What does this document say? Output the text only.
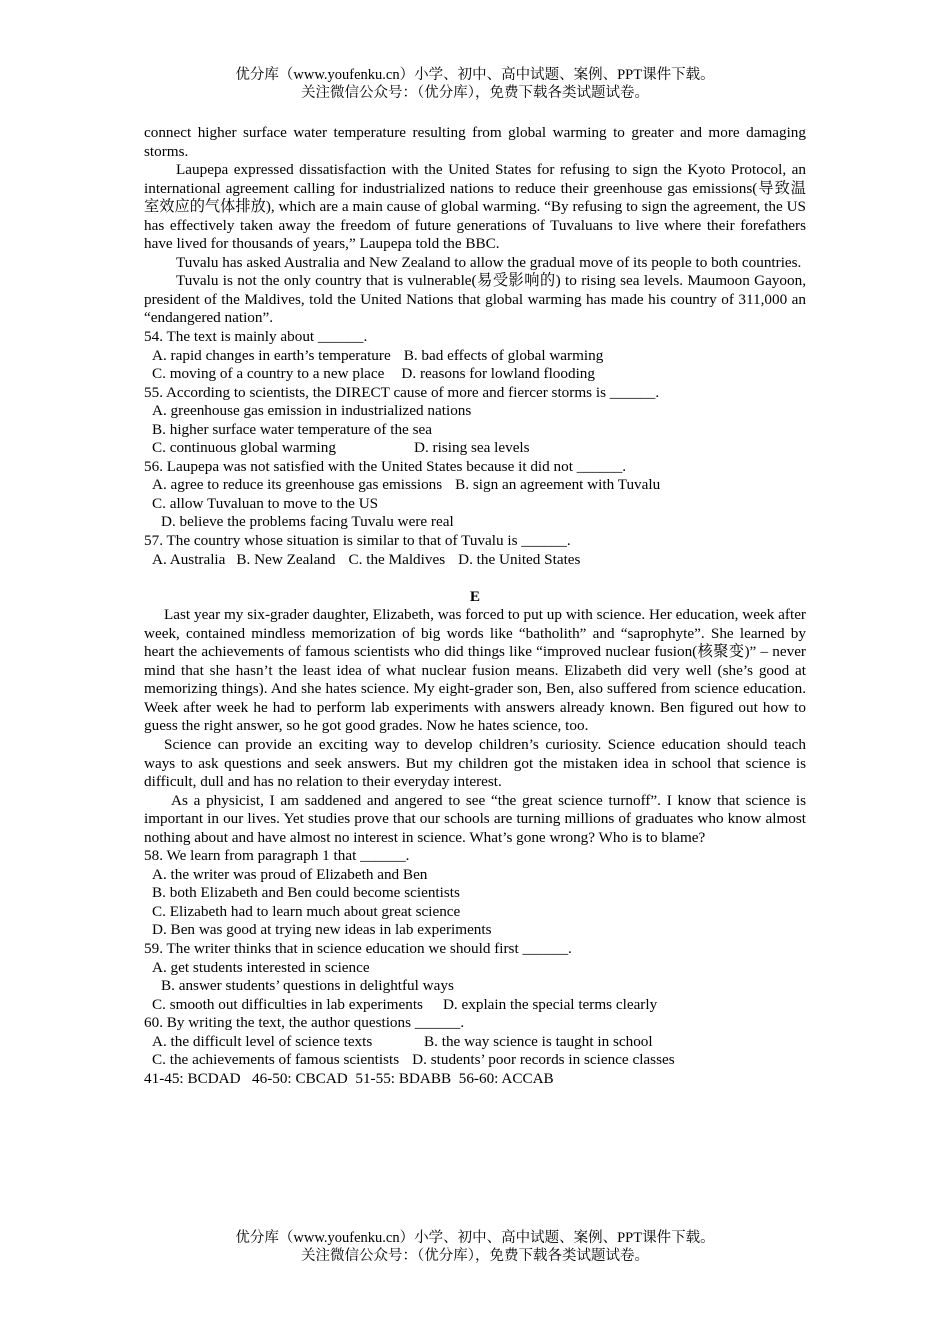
优分库（www.youfenku.cn）小学、初中、高中试题、案例、PPT课件下载。
关注微信公众号：（优分库），免费下载各类试题试卷。

connect higher surface water temperature resulting from global warming to greater and more damaging storms.

Laupepa expressed dissatisfaction with the United States for refusing to sign the Kyoto Protocol, an international agreement calling for industrialized nations to reduce their greenhouse gas emissions(导致温室效应的气体排放), which are a main cause of global warming. “By refusing to sign the agreement, the US has effectively taken away the freedom of future generations of Tuvaluans to live where their forefathers have lived for thousands of years,” Laupepa told the BBC.

Tuvalu has asked Australia and New Zealand to allow the gradual move of its people to both countries.

Tuvalu is not the only country that is vulnerable(易受影响的) to rising sea levels. Maumoon Gayoon, president of the Maldives, told the United Nations that global warming has made his country of 311,000 an “endangered nation”.

54. The text is mainly about ______.

A. rapid changes in earth’s temperature B. bad effects of global warming

C. moving of a country to a new place D. reasons for lowland flooding

55. According to scientists, the DIRECT cause of more and fiercer storms is ______.

A. greenhouse gas emission in industrialized nations

B. higher surface water temperature of the sea

C. continuous global warming	D. rising sea levels

56. Laupepa was not satisfied with the United States because it did not ______.

A. agree to reduce its greenhouse gas emissions B. sign an agreement with Tuvalu

C. allow Tuvaluan to move to the US

D. believe the problems facing Tuvalu were real

57. The country whose situation is similar to that of Tuvalu is ______.

A. Australia B. New Zealand C. the Maldives D. the United States

E

Last year my six-grader daughter, Elizabeth, was forced to put up with science. Her education, week after week, contained mindless memorization of big words like “batholith” and “saprophyte”. She learned by heart the achievements of famous scientists who did things like “improved nuclear fusion(核聚变)” – never mind that she hasn’t the least idea of what nuclear fusion means. Elizabeth did very well (she’s good at memorizing things). And she hates science. My eight-grader son, Ben, also suffered from science education. Week after week he had to perform lab experiments with answers already known. Ben figured out how to guess the right answer, so he got good grades. Now he hates science, too.

Science can provide an exciting way to develop children’s curiosity. Science education should teach ways to ask questions and seek answers. But my children got the mistaken idea in school that science is difficult, dull and has no relation to their everyday interest.

As a physicist, I am saddened and angered to see “the great science turnoff”. I know that science is important in our lives. Yet studies prove that our schools are turning millions of graduates who know almost nothing about and have almost no interest in science. What’s gone wrong? Who is to blame?

58. We learn from paragraph 1 that ______.

A. the writer was proud of Elizabeth and Ben

B. both Elizabeth and Ben could become scientists

C. Elizabeth had to learn much about great science

D. Ben was good at trying new ideas in lab experiments

59. The writer thinks that in science education we should first ______.

A. get students interested in science

B. answer students’ questions in delightful ways

C. smooth out difficulties in lab experiments D. explain the special terms clearly

60. By writing the text, the author questions ______.

A. the difficult level of science texts	B. the way science is taught in school

C. the achievements of famous scientists D. students’ poor records in science classes

41-45: BCDAD   46-50: CBCAD  51-55: BDABB  56-60: ACCAB

优分库（www.youfenku.cn）小学、初中、高中试题、案例、PPT课件下载。
关注微信公众号：（优分库），免费下载各类试题试卷。
